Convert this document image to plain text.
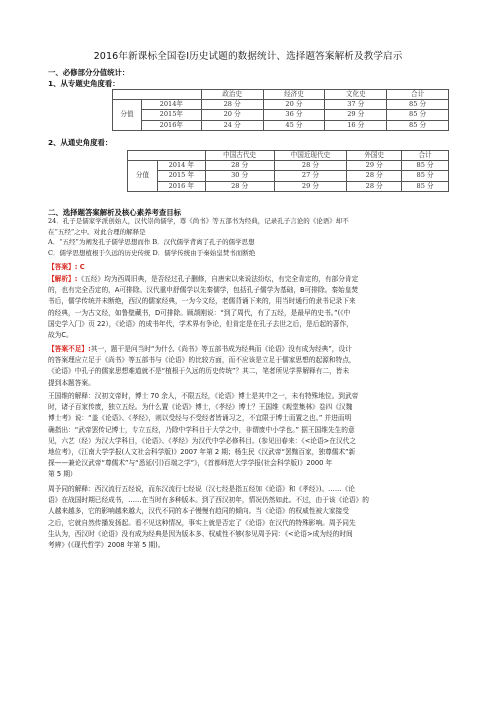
2016年新课标全国卷Ⅰ历史试题的数据统计、选择题答案解析及教学启示
一、必修部分分值统计：
1、从专题史角度看：
		政治史	经济史	文化史	合计
分值	2014年	28 分	20 分	37 分	85 分
	2015年	20 分	36 分	29 分	85 分
	2016年	24 分	45 分	16 分	85 分
2、从通史角度看：
		中国古代史	中国近现代史	外国史	合计
分值	2014 年	28 分	28 分	29 分	85 分
	2015 年	30 分	27 分	28 分	85 分
	2016 年	28 分	29 分	28 分	85 分
二、选择题答案解析及核心素养考查目标
24．孔子是儒家学派创始人，汉代崇尚儒学，尊《尚书》等五部书为经典，记录孔子言论的《论语》却不
在“五经”之中。对此合理的解释是
A．“五经”为阐发孔子儒学思想而作 B．汉代儒学背离了孔子的儒学思想
C．儒学思想植根于久远的历史传统 D．儒学传统由于秦始皇焚书而断绝
【答案】: C
【解析】:《五经》均为西周旧典，是否经过孔子删修，自唐宋以来说法纷纭，有完全肯定的，有部分肯定
的，也有完全否定的，A可排除。汉代重申舒儒学以先秦儒学，包括孔子儒学为基础，B可排除。秦始皇焚
书后，儒学传统并未断绝，西汉的儒家经典，一为今文经，老儒背诵下来的，用当时通行的隶书记录下来
的经典，一为古文经，如鲁壁藏书，D可排除。顾颉刚说：“到了周代，有了五经，是最早的史书。”(《中
国史学入门》页 22），《论语》的成书年代，学术界有争论，但肯定是在孔子去世之后，是后起的著作，
故为C。
【答案不足】:其一，题干是问当时“为什么《尚书》等五部书成为经典而《论语》没有成为经典”，设计
的答案理应立足于《尚书》等五部书与《论语》的比较方面，而不应该是立足于儒家思想的起源和特点，
《论语》中孔子的儒家思想难道就不是“植根于久远的历史传统”？其二，笔者所见学界解释有二，皆未
提到本题答案。
王国维的解释：汉初文帝时，博士 70 余人，不限五经，《论语》博士是其中之一，未有特殊地位。到武帝
时，诸子百家传废，独立五经。为什么置《论语》博士，《孝经》博士？王国维《观堂集林》卷四《汉魏
博士考》说：“盖《论语》、《孝经》，则以受经与不受经者皆诵习之，不宜限于博士而置之也。” 并进而明
确指出：“武帝罢传记博士，专立五经，乃除中学科目于大学之中，非谓废中小学也。” 据王国维先生的意
见，六艺（经）为汉大学科目，《论语》、《孝经》为汉代中学必修科目。(参见田春来：《<论语>在汉代之
地位考》，《江南大学学报(人文社会科学版)》2007 年第 2 期；杨生民《汉武帝“罢黜百家，独尊儒术”新
探——兼论汉武帝“尊儒术”与“悉延(引)百端之学”》，《首都师范大学学报(社会科学版)》2000 年
第 5 期）
周予同的解释：西汉流行五经说，而东汉流行七经说（汉七经是指五经加《论语》和《孝经》)。……《论
语》在战国时期已经成书，……在当时有多种版本。到了西汉初年，情况仍然如此。不过，由于该《论语》的
人越来越多，它的影响越来越大，汉代不同的本子慢慢有趋同的倾向。当《论语》的权威性被大家接受
之后，它就自然传播发扬起。看不见这种情况，事实上就是否定了《论语》在汉代的特殊影响。周予同先
生认为，西汉时《论语》没有成为经典是因为版本多、权威性不够(参见周予同：《<论语>成为经的时间
考辨》(《现代哲学》2008 年第 5 期)。
